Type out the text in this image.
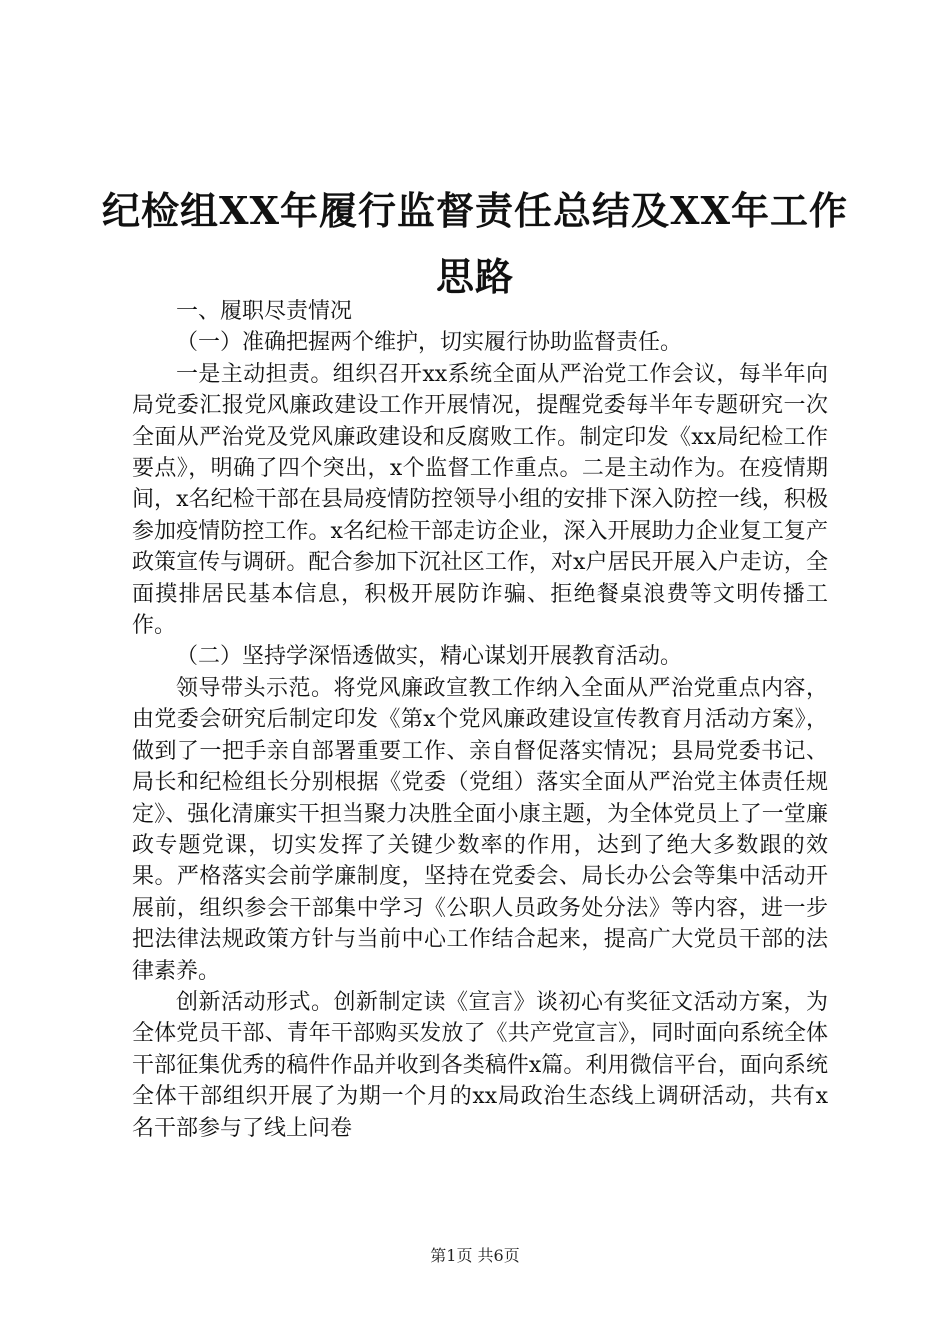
纪检组XX年履行监督责任总结及XX年工作思路

一、履职尽责情况

（一）准确把握两个维护，切实履行协助监督责任。

一是主动担责。组织召开xx系统全面从严治党工作会议，每半年向局党委汇报党风廉政建设工作开展情况，提醒党委每半年专题研究一次全面从严治党及党风廉政建设和反腐败工作。制定印发《xx局纪检工作要点》，明确了四个突出，x个监督工作重点。二是主动作为。在疫情期间，x名纪检干部在县局疫情防控领导小组的安排下深入防控一线，积极参加疫情防控工作。x名纪检干部走访企业，深入开展助力企业复工复产政策宣传与调研。配合参加下沉社区工作，对x户居民开展入户走访，全面摸排居民基本信息，积极开展防诈骗、拒绝餐桌浪费等文明传播工作。

（二）坚持学深悟透做实，精心谋划开展教育活动。

领导带头示范。将党风廉政宣教工作纳入全面从严治党重点内容，由党委会研究后制定印发《第x个党风廉政建设宣传教育月活动方案》，做到了一把手亲自部署重要工作、亲自督促落实情况；县局党委书记、局长和纪检组长分别根据《党委（党组）落实全面从严治党主体责任规定》、强化清廉实干担当聚力决胜全面小康主题，为全体党员上了一堂廉政专题党课，切实发挥了关键少数率的作用，达到了绝大多数跟的效果。严格落实会前学廉制度，坚持在党委会、局长办公会等集中活动开展前，组织参会干部集中学习《公职人员政务处分法》等内容，进一步把法律法规政策方针与当前中心工作结合起来，提高广大党员干部的法律素养。

创新活动形式。创新制定读《宣言》谈初心有奖征文活动方案，为全体党员干部、青年干部购买发放了《共产党宣言》，同时面向系统全体干部征集优秀的稿件作品并收到各类稿件x篇。利用微信平台，面向系统全体干部组织开展了为期一个月的xx局政治生态线上调研活动，共有x名干部参与了线上问卷

第1页 共6页
